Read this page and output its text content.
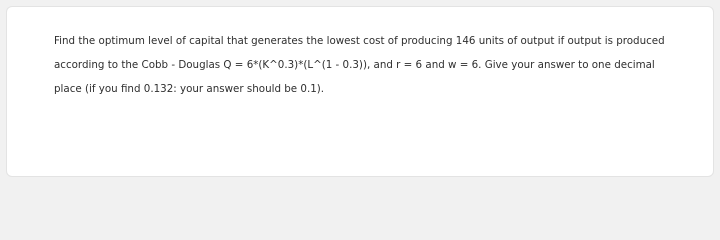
Find the optimum level of capital that generates the lowest cost of producing 146 units of output if output is produced
according to the Cobb - Douglas Q = 6*(K^0.3)*(L^(1 - 0.3)), and r = 6 and w = 6. Give your answer to one decimal
place (if you find 0.132: your answer should be 0.1).
